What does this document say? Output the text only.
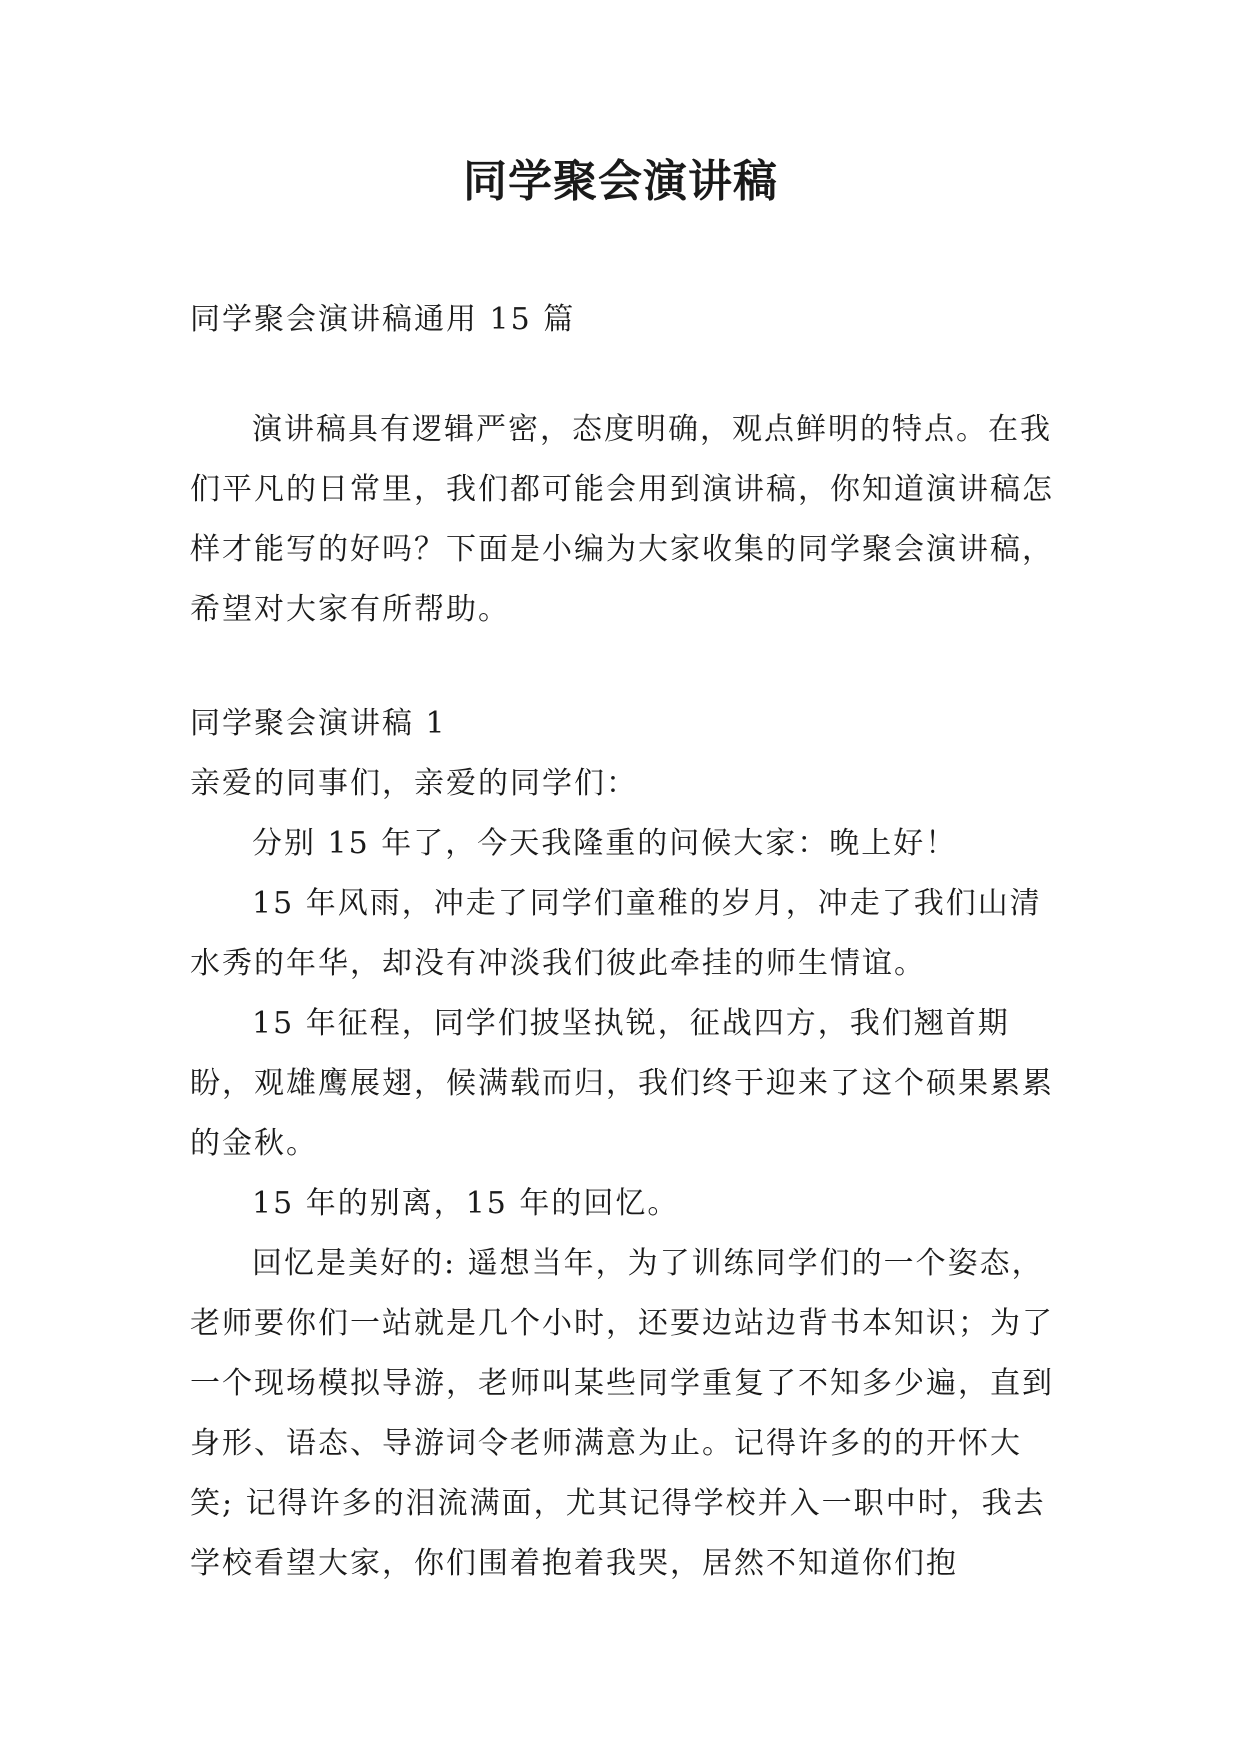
同学聚会演讲稿

同学聚会演讲稿通用 15 篇

演讲稿具有逻辑严密，态度明确，观点鲜明的特点。在我们平凡的日常里，我们都可能会用到演讲稿，你知道演讲稿怎样才能写的好吗？下面是小编为大家收集的同学聚会演讲稿，希望对大家有所帮助。

同学聚会演讲稿 1

亲爱的同事们，亲爱的同学们：

分别 15 年了，今天我隆重的问候大家：晚上好！

15 年风雨，冲走了同学们童稚的岁月，冲走了我们山清水秀的年华，却没有冲淡我们彼此牵挂的师生情谊。

15 年征程，同学们披坚执锐，征战四方，我们翘首期盼，观雄鹰展翅，候满载而归，我们终于迎来了这个硕果累累的金秋。

15 年的别离，15 年的回忆。

回忆是美好的: 遥想当年，为了训练同学们的一个姿态，老师要你们一站就是几个小时，还要边站边背书本知识；为了一个现场模拟导游，老师叫某些同学重复了不知多少遍，直到身形、语态、导游词令老师满意为止。记得许多的的开怀大笑; 记得许多的泪流满面，尤其记得学校并入一职中时，我去学校看望大家，你们围着抱着我哭，居然不知道你们抱
